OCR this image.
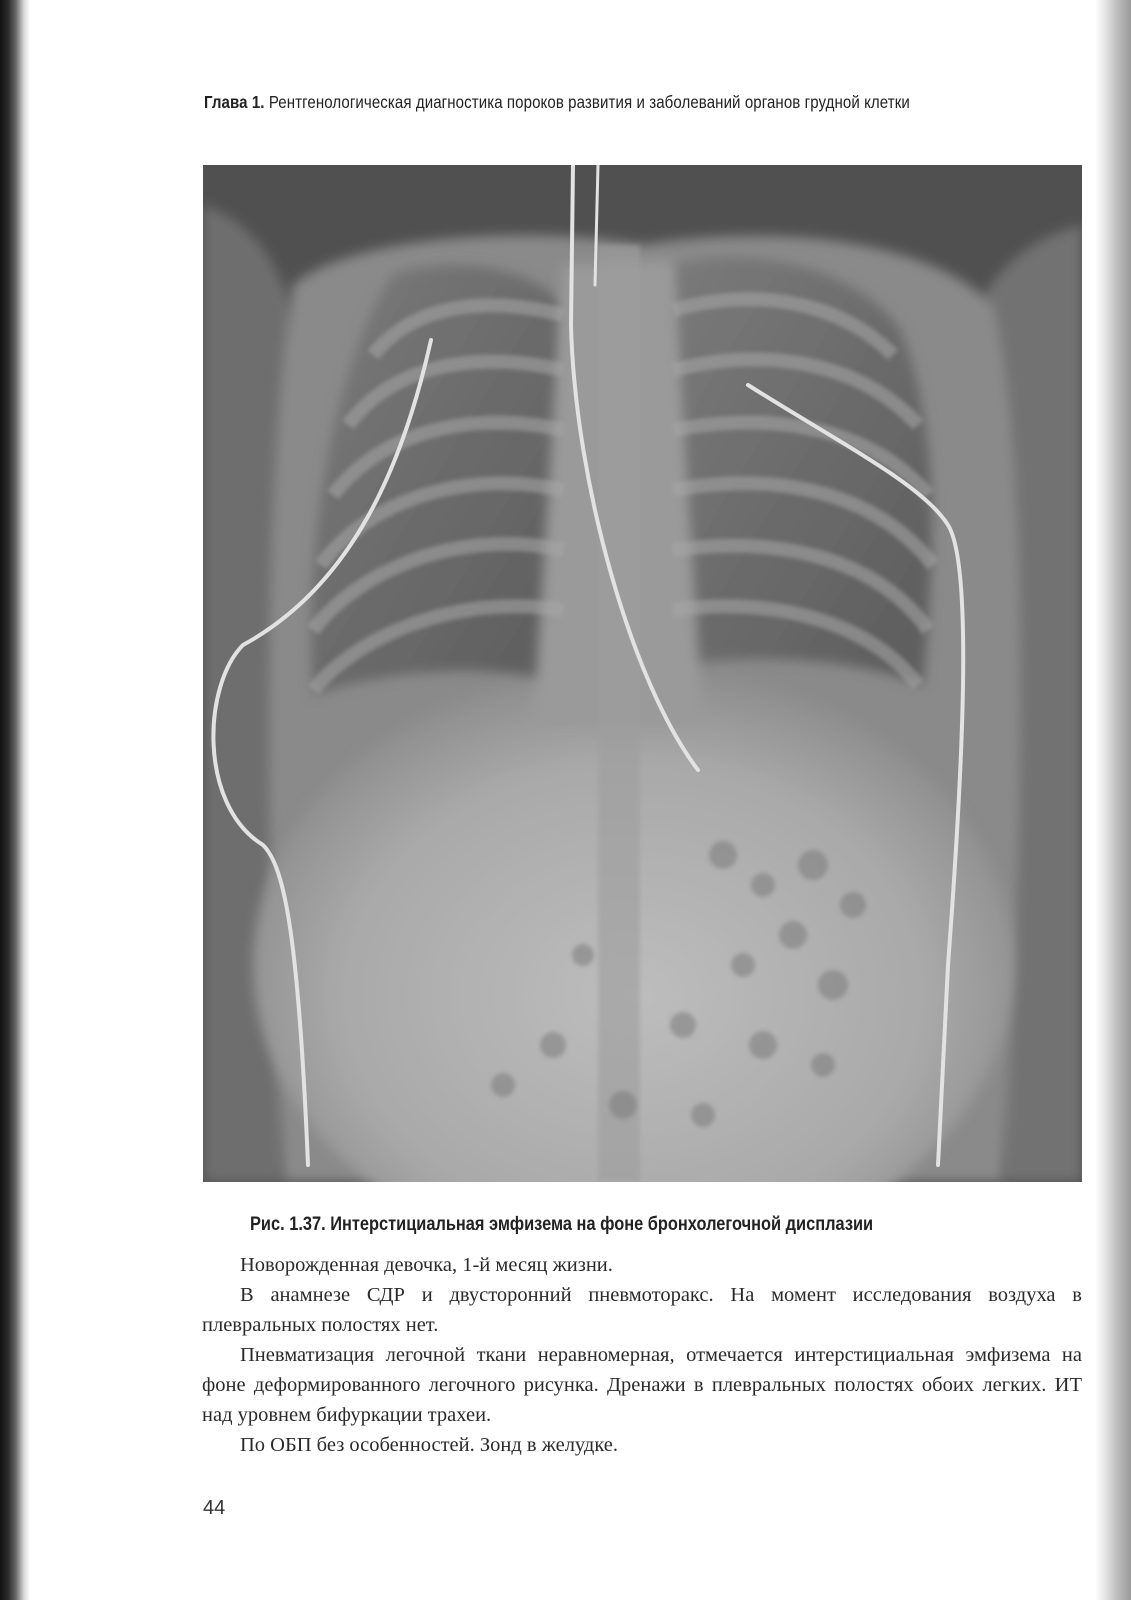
Глава 1. Рентгенологическая диагностика пороков развития и заболеваний органов грудной клетки
Рис. 1.37. Интерстициальная эмфизема на фоне бронхолегочной дисплазии

Новорожденная девочка, 1-й месяц жизни.

В анамнезе СДР и двусторонний пневмоторакс. На момент исследования воздуха в плевральных полостях нет.

Пневматизация легочной ткани неравномерная, отмечается интерстициальная эмфизема на фоне деформированного легочного рисунка. Дренажи в плевральных полостях обоих легких. ИТ над уровнем бифуркации трахеи.

По ОБП без особенностей. Зонд в желудке.

44
